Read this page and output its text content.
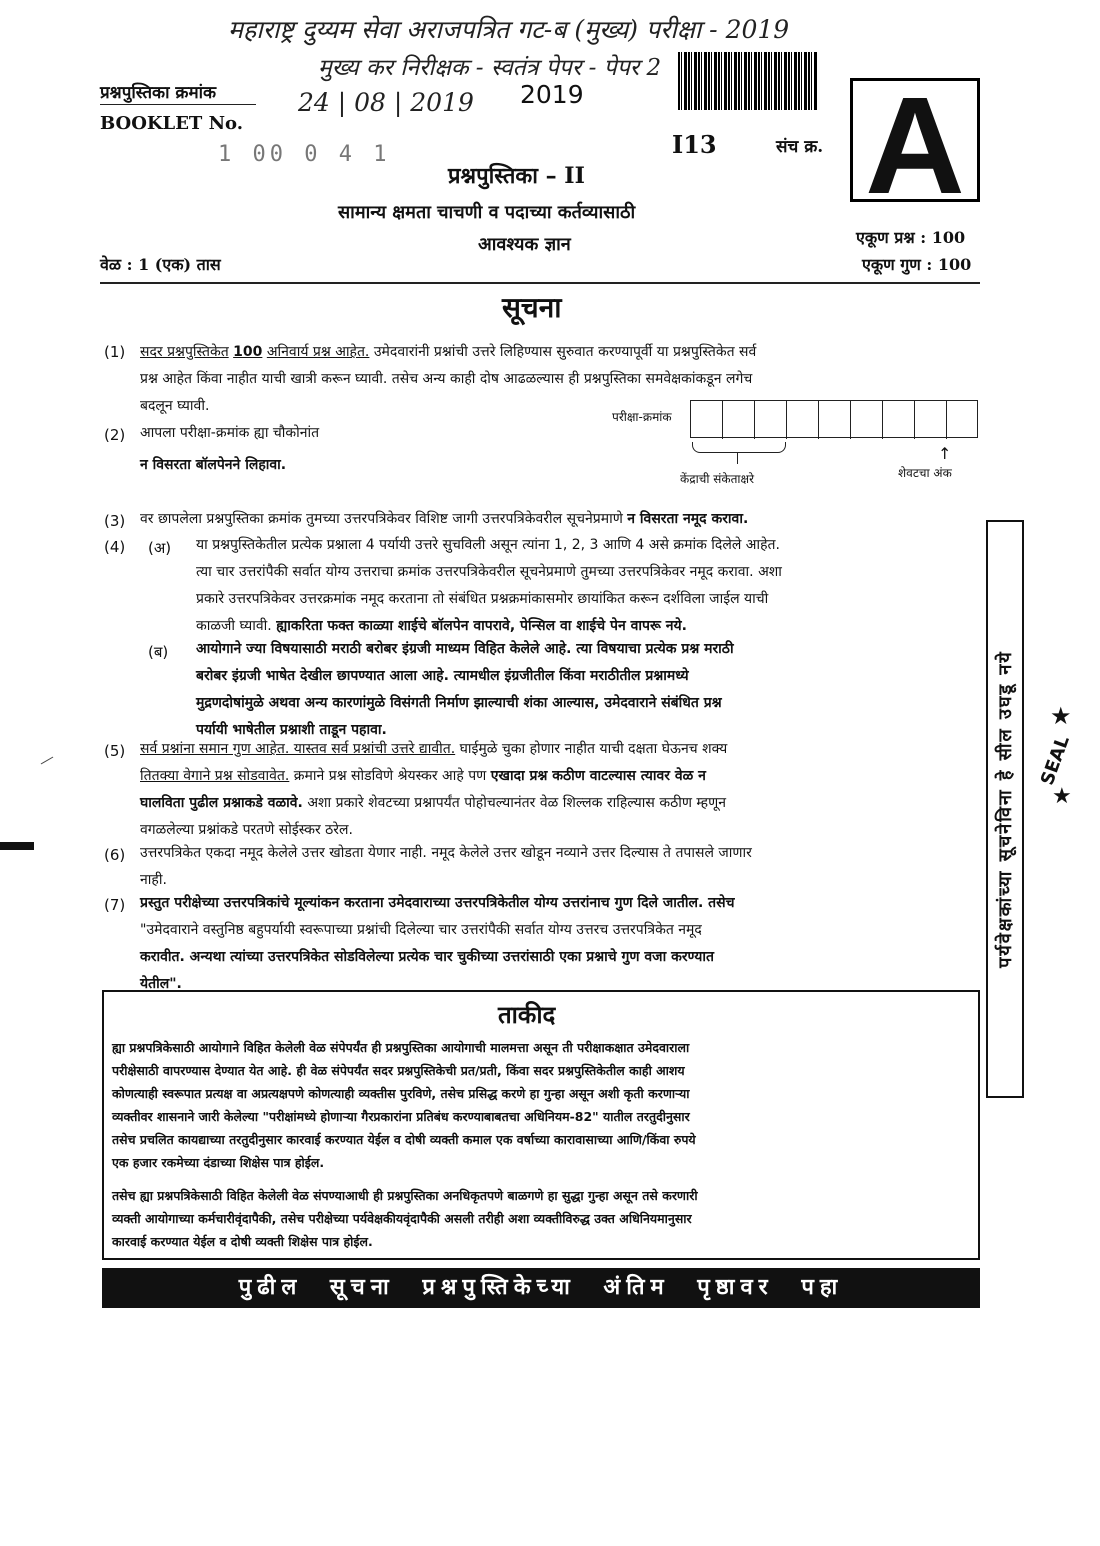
महाराष्ट्र दुय्यम सेवा अराजपत्रित गट-ब (मुख्य) परीक्षा - 2019
मुख्य कर निरीक्षक - स्वतंत्र पेपर - पेपर 2
24 | 08 | 2019
प्रश्नपुस्तिका क्रमांक
BOOKLET No.
1 00 0 4 1
2019
I13	संच क्र. A
प्रश्नपुस्तिका – II
सामान्य क्षमता चाचणी व पदाच्या कर्तव्यासाठी
आवश्यक ज्ञान	एकूण प्रश्न : 100
एकूण गुण : 100
वेळ : 1 (एक) तास
सूचना
(1) सदर प्रश्नपुस्तिकेत 100 अनिवार्य प्रश्न आहेत. उमेदवारांनी प्रश्नांची उत्तरे लिहिण्यास सुरुवात करण्यापूर्वी या प्रश्नपुस्तिकेत सर्व
प्रश्न आहेत किंवा नाहीत याची खात्री करून घ्यावी. तसेच अन्य काही दोष आढळल्यास ही प्रश्नपुस्तिका समवेक्षकांकडून लगेच
बदलून घ्यावी.
(2) आपला परीक्षा-क्रमांक ह्या चौकोनांत
न विसरता बॉलपेनने लिहावा.
परीक्षा-क्रमांक
↑
केंद्राची संकेताक्षरे	शेवटचा अंक
(3) वर छापलेला प्रश्नपुस्तिका क्रमांक तुमच्या उत्तरपत्रिकेवर विशिष्ट जागी उत्तरपत्रिकेवरील सूचनेप्रमाणे न विसरता नमूद करावा.
(4) (अ) या प्रश्नपुस्तिकेतील प्रत्येक प्रश्नाला 4 पर्यायी उत्तरे सुचविली असून त्यांना 1, 2, 3 आणि 4 असे क्रमांक दिलेले आहेत.
त्या चार उत्तरांपैकी सर्वात योग्य उत्तराचा क्रमांक उत्तरपत्रिकेवरील सूचनेप्रमाणे तुमच्या उत्तरपत्रिकेवर नमूद करावा. अशा
प्रकारे उत्तरपत्रिकेवर उत्तरक्रमांक नमूद करताना तो संबंधित प्रश्नक्रमांकासमोर छायांकित करून दर्शविला जाईल याची
काळजी घ्यावी. ह्याकरिता फक्त काळ्या शाईचे बॉलपेन वापरावे, पेन्सिल वा शाईचे पेन वापरू नये.
(ब) आयोगाने ज्या विषयासाठी मराठी बरोबर इंग्रजी माध्यम विहित केलेले आहे. त्या विषयाचा प्रत्येक प्रश्न मराठी
बरोबर इंग्रजी भाषेत देखील छापण्यात आला आहे. त्यामधील इंग्रजीतील किंवा मराठीतील प्रश्नामध्ये
मुद्रणदोषांमुळे अथवा अन्य कारणांमुळे विसंगती निर्माण झाल्याची शंका आल्यास, उमेदवाराने संबंधित प्रश्न
पर्यायी भाषेतील प्रश्नाशी ताडून पहावा.
(5) सर्व प्रश्नांना समान गुण आहेत. यास्तव सर्व प्रश्नांची उत्तरे द्यावीत. घाईमुळे चुका होणार नाहीत याची दक्षता घेऊनच शक्य
तितक्या वेगाने प्रश्न सोडवावेत. क्रमाने प्रश्न सोडविणे श्रेयस्कर आहे पण एखादा प्रश्न कठीण वाटल्यास त्यावर वेळ न
घालविता पुढील प्रश्नाकडे वळावे. अशा प्रकारे शेवटच्या प्रश्नापर्यंत पोहोचल्यानंतर वेळ शिल्लक राहिल्यास कठीण म्हणून
वगळलेल्या प्रश्नांकडे परतणे सोईस्कर ठरेल.
(6) उत्तरपत्रिकेत एकदा नमूद केलेले उत्तर खोडता येणार नाही. नमूद केलेले उत्तर खोडून नव्याने उत्तर दिल्यास ते तपासले जाणार
नाही.
(7) प्रस्तुत परीक्षेच्या उत्तरपत्रिकांचे मूल्यांकन करताना उमेदवाराच्या उत्तरपत्रिकेतील योग्य उत्तरांनाच गुण दिले जातील. तसेच
"उमेदवाराने वस्तुनिष्ठ बहुपर्यायी स्वरूपाच्या प्रश्नांची दिलेल्या चार उत्तरांपैकी सर्वात योग्य उत्तरच उत्तरपत्रिकेत नमूद
करावीत. अन्यथा त्यांच्या उत्तरपत्रिकेत सोडविलेल्या प्रत्येक चार चुकीच्या उत्तरांसाठी एका प्रश्नाचे गुण वजा करण्यात
येतील".
ताकीद
ह्या प्रश्नपत्रिकेसाठी आयोगाने विहित केलेली वेळ संपेपर्यंत ही प्रश्नपुस्तिका आयोगाची मालमत्ता असून ती परीक्षाकक्षात उमेदवाराला
परीक्षेसाठी वापरण्यास देण्यात येत आहे. ही वेळ संपेपर्यंत सदर प्रश्नपुस्तिकेची प्रत/प्रती, किंवा सदर प्रश्नपुस्तिकेतील काही आशय
कोणत्याही स्वरूपात प्रत्यक्ष वा अप्रत्यक्षपणे कोणत्याही व्यक्तीस पुरविणे, तसेच प्रसिद्ध करणे हा गुन्हा असून अशी कृती करणाऱ्या
व्यक्तीवर शासनाने जारी केलेल्या "परीक्षांमध्ये होणाऱ्या गैरप्रकारांना प्रतिबंध करण्याबाबतचा अधिनियम-82" यातील तरतुदीनुसार
तसेच प्रचलित कायद्याच्या तरतुदीनुसार कारवाई करण्यात येईल व दोषी व्यक्ती कमाल एक वर्षाच्या कारावासाच्या आणि/किंवा रुपये
एक हजार रकमेच्या दंडाच्या शिक्षेस पात्र होईल.
तसेच ह्या प्रश्नपत्रिकेसाठी विहित केलेली वेळ संपण्याआधी ही प्रश्नपुस्तिका अनधिकृतपणे बाळगणे हा सुद्धा गुन्हा असून तसे करणारी
व्यक्ती आयोगाच्या कर्मचारीवृंदापैकी, तसेच परीक्षेच्या पर्यवेक्षकीयवृंदापैकी असली तरीही अशा व्यक्तीविरुद्ध उक्त अधिनियमानुसार
कारवाई करण्यात येईल व दोषी व्यक्ती शिक्षेस पात्र होईल.
पुढील सूचना प्रश्नपुस्तिकेच्या अंतिम पृष्ठावर पहा
पर्यवेक्षकांच्या सूचनेविना हे सील उघडू नये ★
SEAL
★
